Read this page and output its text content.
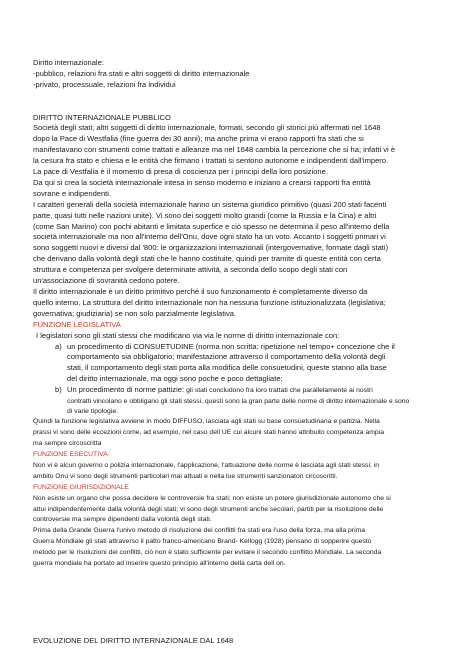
Diritto internazionale:

-pubblico, relazioni fra stati e altri soggetti di diritto internazionale

-privato, processuale, relazioni fra individui

DIRITTO INTERNAZIONALE PUBBLICO

Società degli stati; altri soggetti di diritto internazionale, formati, secondo gli storici più affermati nel 1648

dopo la Pace di Westfalia (fine guerra dei 30 anni); ma anche prima vi erano rapporti fra stati che si

manifestavano con strumenti come trattati e alleanze ma nel 1648 cambia la percezione che si ha; infatti vi è

la cesura fra stato e chiesa e le entità che firmano i trattati si sentono autonome e indipendenti dall'impero.

La pace di Vestfalia è il momento di presa di coscienza per i principi della loro posizione.

Da qui si crea la società internazionale intesa in senso moderno e iniziano a crearsi rapporti fra entità

sovrane e indipendenti.

I caratteri generali della società internazionale hanno un sistema giuridico primitivo (quasi 200 stati facenti

parte, quasi tutti nelle nazioni unite). Vi sono dei soggetti molto grandi (come la Russia e la Cina) e altri

(come San Marino) con pochi abitanti e limitata superfice e ciò spesso ne determina il peso all'interno della

società internazionale ma non all'interno dell'Onu, dove ogni stato ha un voto. Accanto i soggetti primari vi

sono soggetti nuovi e diversi dal '800: le organizzazioni internazionali (intergovernative, formate dagli stati)

che derivano dalla volontà degli stati che le hanno costituite, quindi per tramite di queste entità con certa

struttura e competenza per svolgere determinate attività, a seconda dello scopo degli stati con

un'associazione di sovranità cedono potere.

Il diritto internazionale è un diritto primitivo perché il suo funzionamento è completamente diverso da

quello interno. La struttura del diritto internazionale non ha nessuna funzione istituzionalizzata (legislativa;

governativa; giudiziaria) se non solo parzialmente legislativa.

FUNZIONE LEGISLATIVA

I legislatori sono gli stati stessi che modificano via via le norme di diritto internazionale con:

a) un procedimento di CONSUETUDINE (norma non scritta: ripetizione nel tempo+ concezione che il
comportamento sia obbligatorio; manifestazione attraverso il comportamento della volontà degli
stati, il comportamento degli stati porta alla modifica delle consuetudini, queste stanno alla base
del diritto internazionale, ma oggi sono poche e poco dettagliate;
b) Un procedimento di norme pattizie: gli stati concludono fra loro trattati che parallelamente ai nostri
contratti vincolano e obbligano gli stati stessi, questi sono la gran parte delle norme di diritto internazionale e sono
di varie tipologie.

Quindi la funzione legislativa avviene in modo DIFFUSO, lasciata agli stati su base consuetudinaria e pattizia. Nella

prassi vi sono delle eccezioni come, ad esempio, nel caso dell UE cui alcuni stati hanno attribuito competenza ampia

ma sempre circoscritta

FUNZIONE ESECUTIVA

Non vi è alcun governo o polizia internazionale, l'applicazione, l'attuazione delle norme è lasciata agli stati stessi; in

ambito Onu vi sono degli strumenti particolari mai attuati e nella lue strumenti sanzionatori circoscritti.

FUNZIONE GIURISDIZIONALE

Non esiste un organo che possa decidere le controversie fra stati; non esiste un potere giurisdizionale autonomo che si

attui indipendentemente dalla volontà degli stati; vi sono degli strumenti anche secolari, partiti per la risoluzione delle

controversie ma sempre dipendenti dalla volontà degli stati.

Prima della Grande Guerra l'univo metodo di risoluzione dei conflitti fra stati era l'uso della forza, ma alla prima

Guerra Mondiale gli stati attraverso il patto franco-americano Brand- Kellogg (1928) pensano di sopperire questo

metodo per le risoluzioni dei conflitti, ciò non è stato sufficiente per evitare il secondo conflitto Mondiale. La seconda

guerra mondiale ha portato ad inserire questo principio all'interno della carta dell on.

EVOLUZIONE DEL DIRITTO INTERNAZIONALE DAL 1648
